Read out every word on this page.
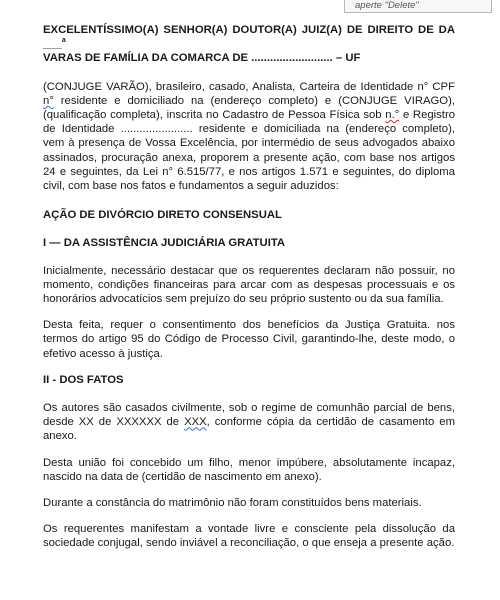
aperte "Delete"
EXCELENTÍSSIMO(A) SENHOR(A) DOUTOR(A) JUIZ(A) DE DIREITO DE DA ___$^a$
VARAS DE FAMÍLIA DA COMARCA DE .......................... – UF

(CONJUGE VARÃO), brasileiro, casado, Analista, Carteira de Identidade n° CPF n° residente e domiciliado na (endereço completo) e (CONJUGE VIRAGO), (qualificação completa), inscrita no Cadastro de Pessoa Física sob n.° e Registro de Identidade ....................... residente e domiciliada na (endereço completo), vem à presença de Vossa Excelência, por intermédio de seus advogados abaixo assinados, procuração anexa, proporem a presente ação, com base nos artigos 24 e seguintes, da Lei n° 6.515/77, e nos artigos 1.571 e seguintes, do diploma civil, com base nos fatos e fundamentos a seguir aduzidos:

AÇÃO DE DIVÓRCIO DIRETO CONSENSUAL

I — DA ASSISTÊNCIA JUDICIÁRIA GRATUITA

Inicialmente, necessário destacar que os requerentes declaram não possuir, no momento, condições financeiras para arcar com as despesas processuais e os honorários advocatícios sem prejuízo do seu próprio sustento ou da sua família.

Desta feita, requer o consentimento dos benefícios da Justiça Gratuita. nos termos do artigo 95 do Código de Processo Civil, garantindo-lhe, deste modo, o efetivo acesso à justiça.

II - DOS FATOS

Os autores são casados civilmente, sob o regime de comunhão parcial de bens, desde XX de XXXXXX de XXX, conforme cópia da certidão de casamento em anexo.

Desta união foi concebido um filho, menor impúbere, absolutamente incapaz, nascido na data de (certidão de nascimento em anexo).

Durante a constância do matrimônio não foram constituídos bens materiais.

Os requerentes manifestam a vontade livre e consciente pela dissolução da sociedade conjugal, sendo inviável a reconciliação, o que enseja a presente ação.
